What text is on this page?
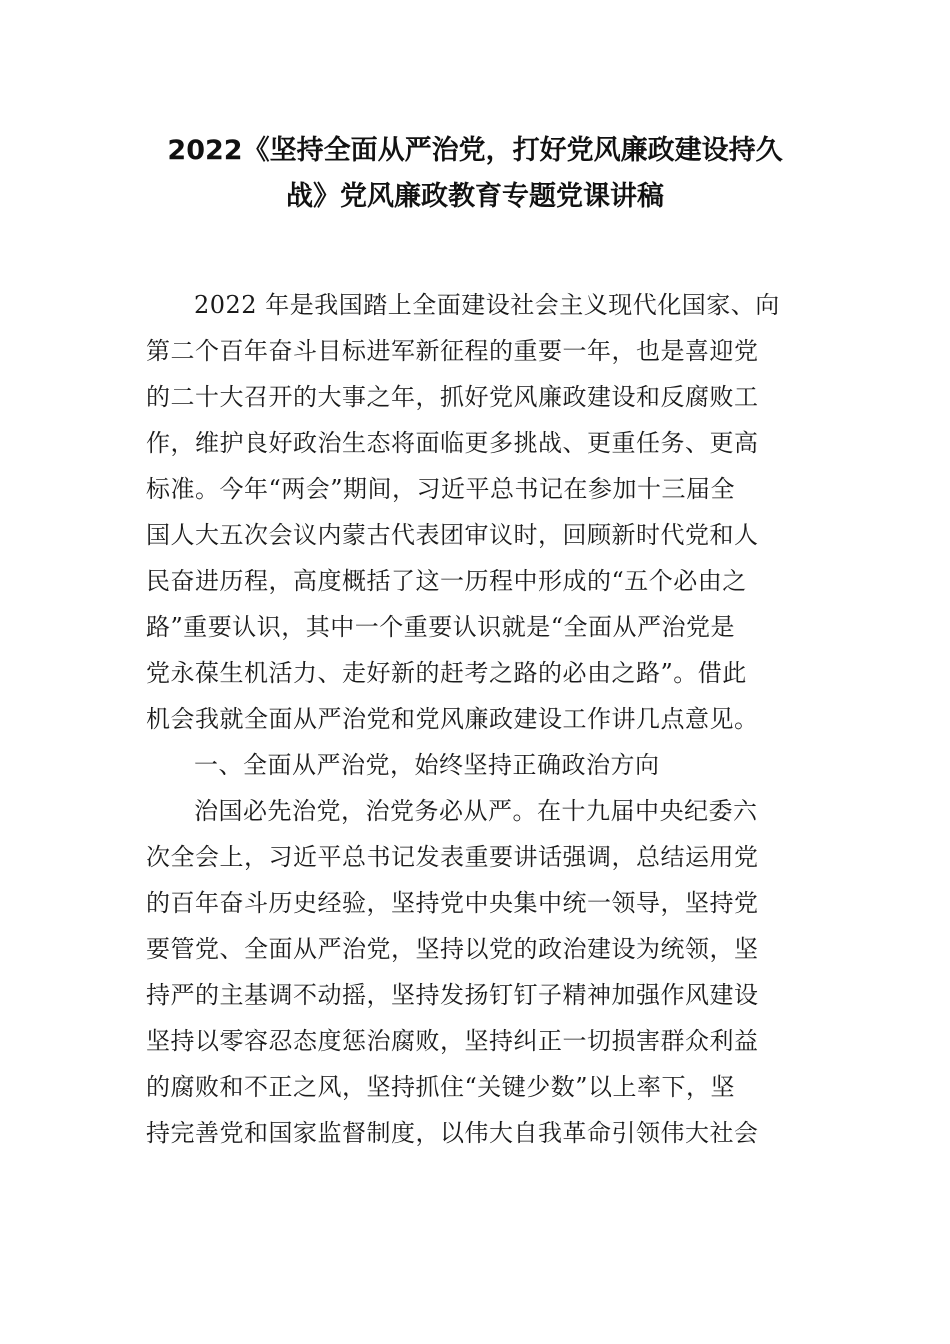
2022《坚持全面从严治党，打好党风廉政建设持久
战》党风廉政教育专题党课讲稿
2022 年是我国踏上全面建设社会主义现代化国家、向
第二个百年奋斗目标进军新征程的重要一年，也是喜迎党
的二十大召开的大事之年，抓好党风廉政建设和反腐败工
作，维护良好政治生态将面临更多挑战、更重任务、更高
标准。今年“两会”期间，习近平总书记在参加十三届全
国人大五次会议内蒙古代表团审议时，回顾新时代党和人
民奋进历程，高度概括了这一历程中形成的“五个必由之
路”重要认识，其中一个重要认识就是“全面从严治党是
党永葆生机活力、走好新的赶考之路的必由之路”。借此
机会我就全面从严治党和党风廉政建设工作讲几点意见。
一、全面从严治党，始终坚持正确政治方向
治国必先治党，治党务必从严。在十九届中央纪委六
次全会上，习近平总书记发表重要讲话强调，总结运用党
的百年奋斗历史经验，坚持党中央集中统一领导，坚持党
要管党、全面从严治党，坚持以党的政治建设为统领，坚
持严的主基调不动摇，坚持发扬钉钉子精神加强作风建设
坚持以零容忍态度惩治腐败，坚持纠正一切损害群众利益
的腐败和不正之风，坚持抓住“关键少数”以上率下，坚
持完善党和国家监督制度，以伟大自我革命引领伟大社会
